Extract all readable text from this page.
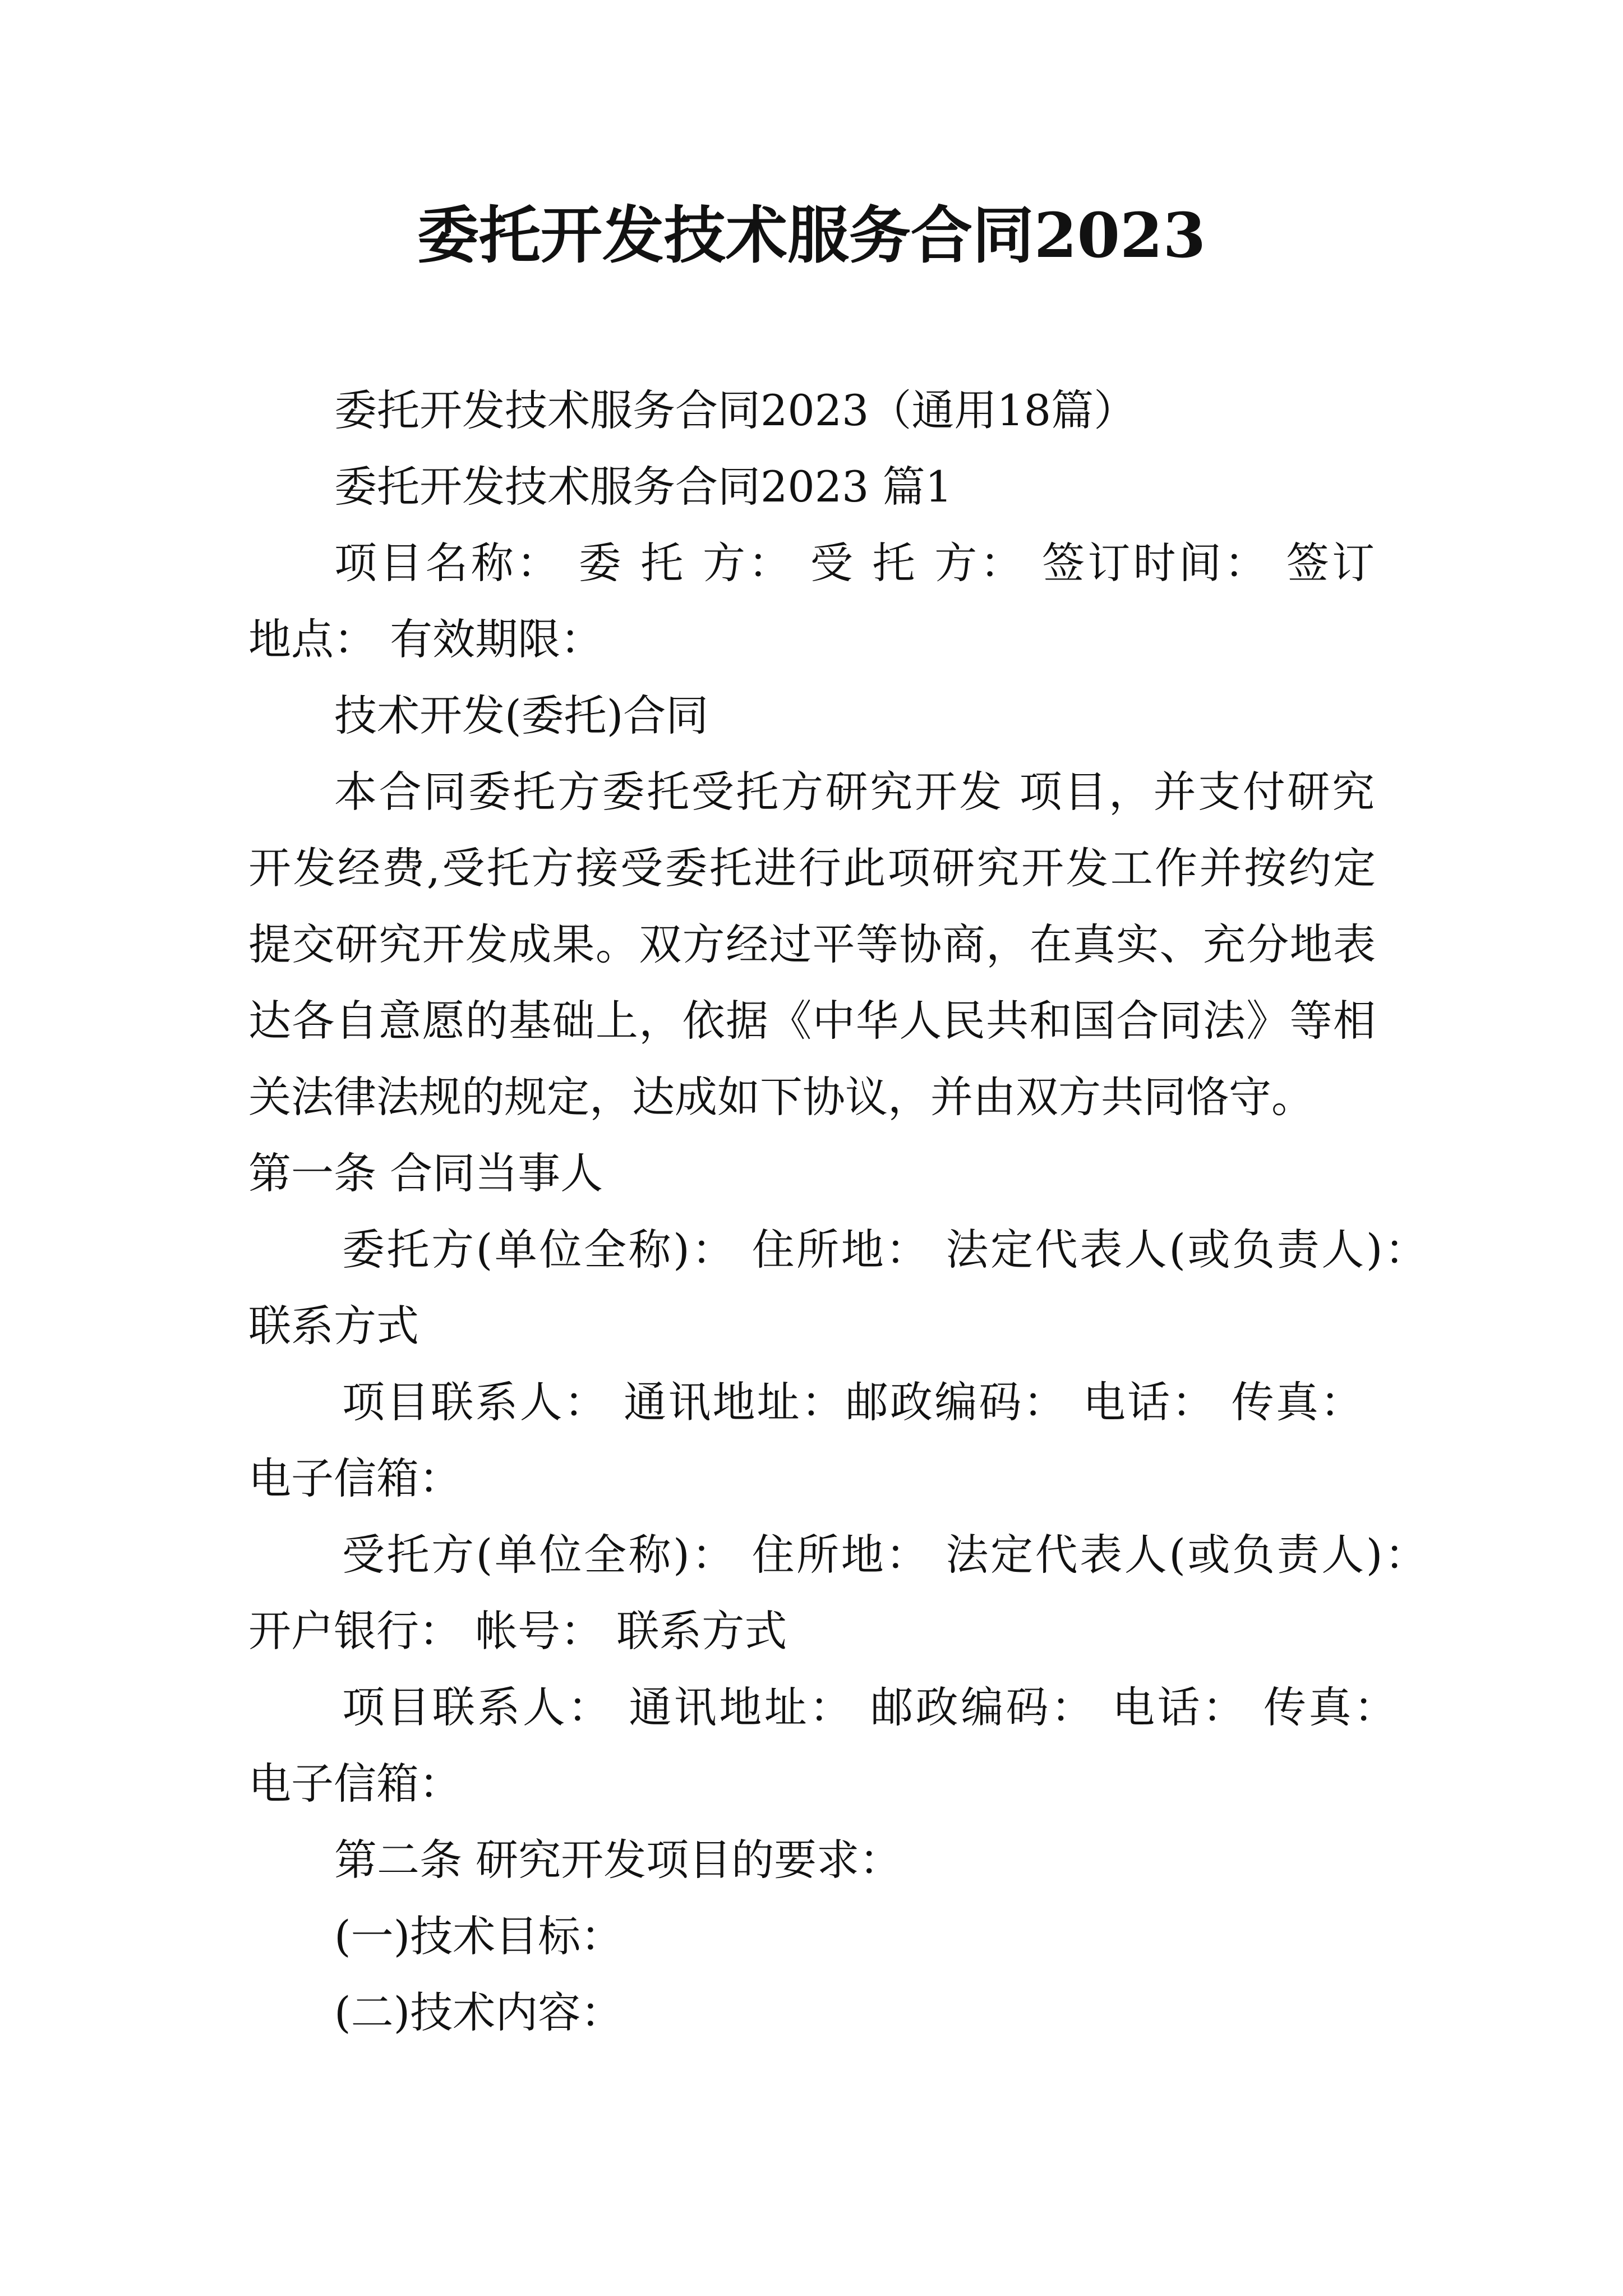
委托开发技术服务合同2023
委托开发技术服务合同2023（通用18篇）
委托开发技术服务合同2023 篇1
项目名称： 委 托 方： 受 托 方： 签订时间： 签订
地点： 有效期限：
技术开发(委托)合同
本合同委托方委托受托方研究开发 项目，并支付研究
开发经费,受托方接受委托进行此项研究开发工作并按约定
提交研究开发成果。双方经过平等协商，在真实、充分地表
达各自意愿的基础上，依据《中华人民共和国合同法》等相
关法律法规的规定，达成如下协议，并由双方共同恪守。
第一条 合同当事人
委托方(单位全称)： 住所地： 法定代表人(或负责人)：
联系方式
项目联系人： 通讯地址：邮政编码： 电话： 传真：
电子信箱：
受托方(单位全称)： 住所地： 法定代表人(或负责人)：
开户银行： 帐号： 联系方式
项目联系人： 通讯地址： 邮政编码： 电话： 传真：
电子信箱：
第二条 研究开发项目的要求：
(一)技术目标：
(二)技术内容：
